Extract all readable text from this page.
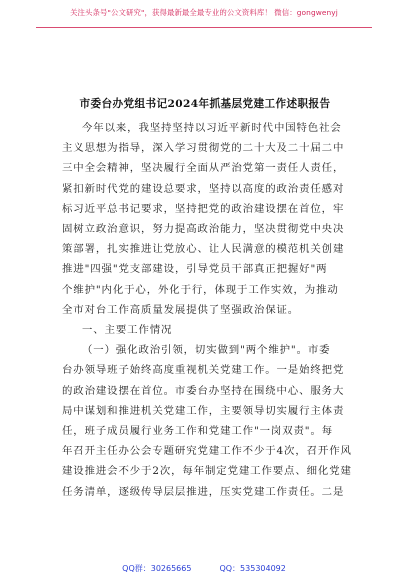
关注头条号"公文研究"，获得最新最全最专业的公文资料库！ 微信：gongwenyj
市委台办党组书记2024年抓基层党建工作述职报告
今年以来，我坚持坚持以习近平新时代中国特色社会
主义思想为指导，深入学习贯彻党的二十大及二十届二中
三中全会精神，坚决履行全面从严治党第一责任人责任，
紧扣新时代党的建设总要求，坚持以高度的政治责任感对
标习近平总书记要求，坚持把党的政治建设摆在首位，牢
固树立政治意识，努力提高政治能力，坚决贯彻党中央决
策部署，扎实推进让党放心、让人民满意的模范机关创建
推进"四强"党支部建设，引导党员干部真正把握好"两
个维护"内化于心，外化于行，体现于工作实效，为推动
全市对台工作高质量发展提供了坚强政治保证。
一、主要工作情况
（一）强化政治引领，切实做到"两个维护"。市委
台办领导班子始终高度重视机关党建工作。一是始终把党
的政治建设摆在首位。市委台办坚持在围绕中心、服务大
局中谋划和推进机关党建工作，主要领导切实履行主体责
任，班子成员履行业务工作和党建工作"一岗双责"。每
年召开主任办公会专题研究党建工作不少于4次，召开作风
建设推进会不少于2次，每年制定党建工作要点、细化党建
任务清单，逐级传导层层推进，压实党建工作责任。二是
QQ群：30265665	QQ：535304092
